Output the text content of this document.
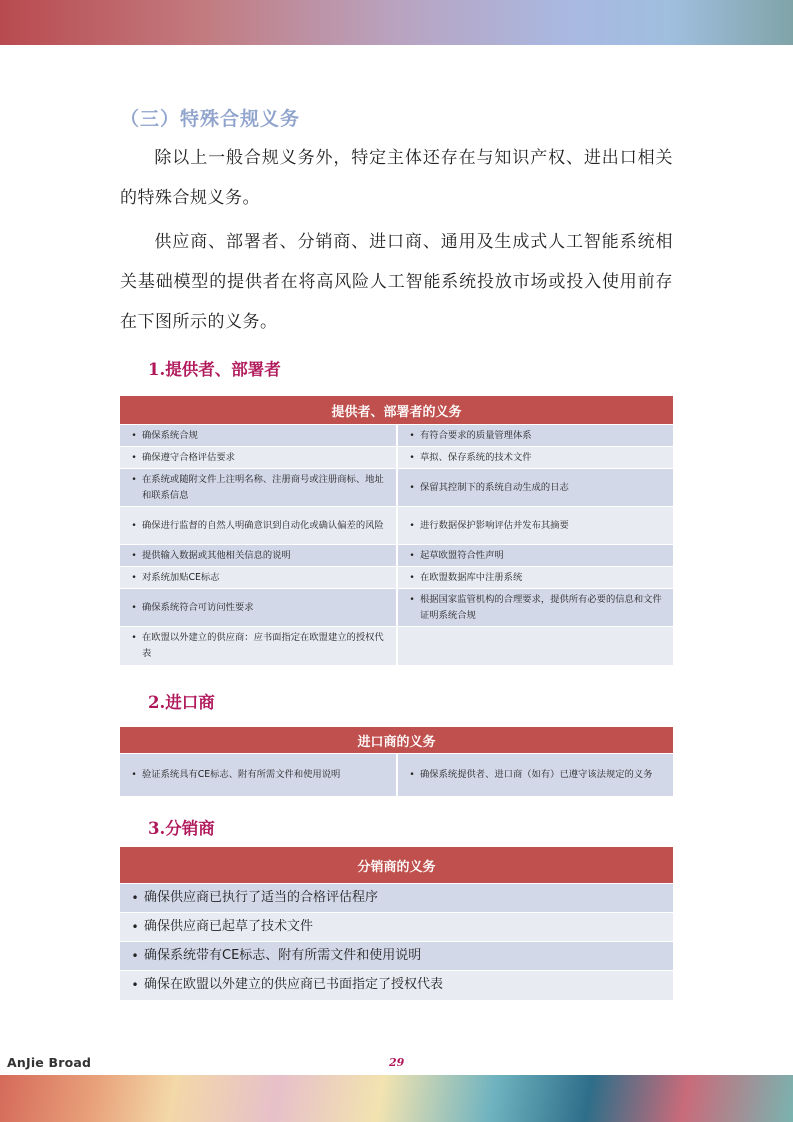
（三）特殊合规义务

除以上一般合规义务外，特定主体还存在与知识产权、进出口相关的特殊合规义务。

供应商、部署者、分销商、进口商、通用及生成式人工智能系统相关基础模型的提供者在将高风险人工智能系统投放市场或投入使用前存在下图所示的义务。

1.提供者、部署者
提供者、部署者的义务	

• 确保系统合规	• 有符合要求的质量管理体系

• 确保遵守合格评估要求	• 草拟、保存系统的技术文件

• 在系统或随附文件上注明名称、注册商号或注册商标、地址和联系信息	• 保留其控制下的系统自动生成的日志

• 确保进行监督的自然人明确意识到自动化或确认偏差的风险	• 进行数据保护影响评估并发布其摘要

• 提供输入数据或其他相关信息的说明	• 起草欧盟符合性声明

• 对系统加贴CE标志	• 在欧盟数据库中注册系统

• 确保系统符合可访问性要求	• 根据国家监管机构的合理要求，提供所有必要的信息和文件证明系统合规

• 在欧盟以外建立的供应商：应书面指定在欧盟建立的授权代表	

2.进口商
进口商的义务

• 验证系统具有CE标志、附有所需文件和使用说明	• 确保系统提供者、进口商（如有）已遵守该法规定的义务
3.分销商
分销商的义务

• 确保供应商已执行了适当的合格评估程序

• 确保供应商已起草了技术文件

• 确保系统带有CE标志、附有所需文件和使用说明

• 确保在欧盟以外建立的供应商已书面指定了授权代表
AnJie Broad	29
